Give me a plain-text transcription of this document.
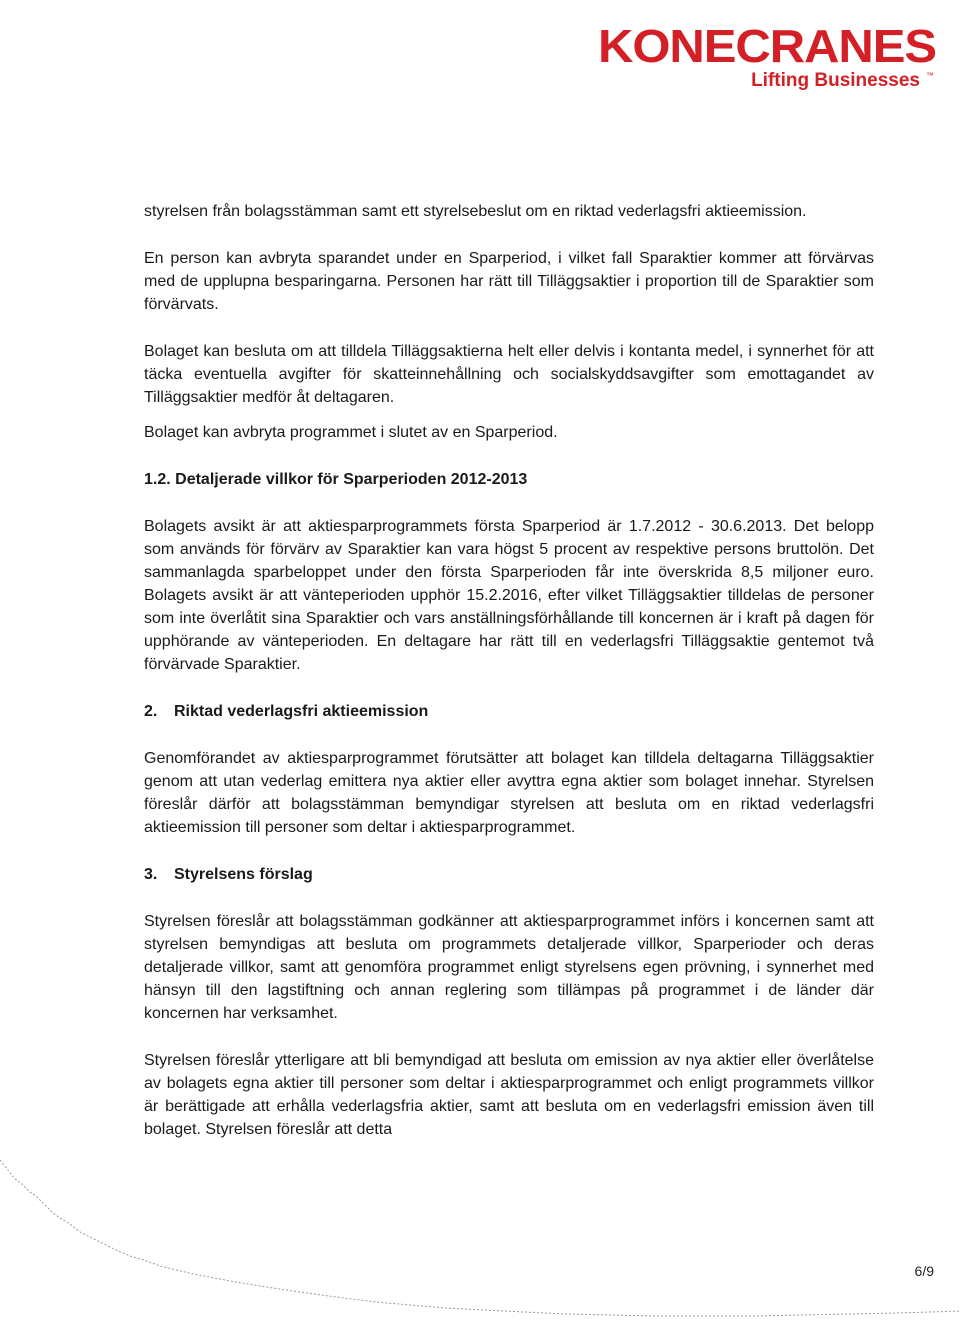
KONECRANES
Lifting Businesses ™

styrelsen från bolagsstämman samt ett styrelsebeslut om en riktad vederlagsfri aktieemission.

En person kan avbryta sparandet under en Sparperiod, i vilket fall Sparaktier kommer att förvärvas med de upplupna besparingarna. Personen har rätt till Tilläggsaktier i proportion till de Sparaktier som förvärvats.

Bolaget kan besluta om att tilldela Tilläggsaktierna helt eller delvis i kontanta medel, i synnerhet för att täcka eventuella avgifter för skatteinnehållning och socialskyddsavgifter som emottagandet av Tilläggsaktier medför åt deltagaren.

Bolaget kan avbryta programmet i slutet av en Sparperiod.

1.2. Detaljerade villkor för Sparperioden 2012-2013

Bolagets avsikt är att aktiesparprogrammets första Sparperiod är 1.7.2012 - 30.6.2013. Det belopp som används för förvärv av Sparaktier kan vara högst 5 procent av respektive persons bruttolön. Det sammanlagda sparbeloppet under den första Sparperioden får inte överskrida 8,5 miljoner euro. Bolagets avsikt är att vänteperioden upphör 15.2.2016, efter vilket Tilläggsaktier tilldelas de personer som inte överlåtit sina Sparaktier och vars anställningsförhållande till koncernen är i kraft på dagen för upphörande av vänteperioden. En deltagare har rätt till en vederlagsfri Tilläggsaktie gentemot två förvärvade Sparaktier.

2. Riktad vederlagsfri aktieemission

Genomförandet av aktiesparprogrammet förutsätter att bolaget kan tilldela deltagarna Tilläggsaktier genom att utan vederlag emittera nya aktier eller avyttra egna aktier som bolaget innehar. Styrelsen föreslår därför att bolagsstämman bemyndigar styrelsen att besluta om en riktad vederlagsfri aktieemission till personer som deltar i aktiesparprogrammet.

3. Styrelsens förslag

Styrelsen föreslår att bolagsstämman godkänner att aktiesparprogrammet införs i koncernen samt att styrelsen bemyndigas att besluta om programmets detaljerade villkor, Sparperioder och deras detaljerade villkor, samt att genomföra programmet enligt styrelsens egen prövning, i synnerhet med hänsyn till den lagstiftning och annan reglering som tillämpas på programmet i de länder där koncernen har verksamhet.

Styrelsen föreslår ytterligare att bli bemyndigad att besluta om emission av nya aktier eller överlåtelse av bolagets egna aktier till personer som deltar i aktiesparprogrammet och enligt programmets villkor är berättigade att erhålla vederlagsfria aktier, samt att besluta om en vederlagsfri emission även till bolaget. Styrelsen föreslår att detta

6/9
